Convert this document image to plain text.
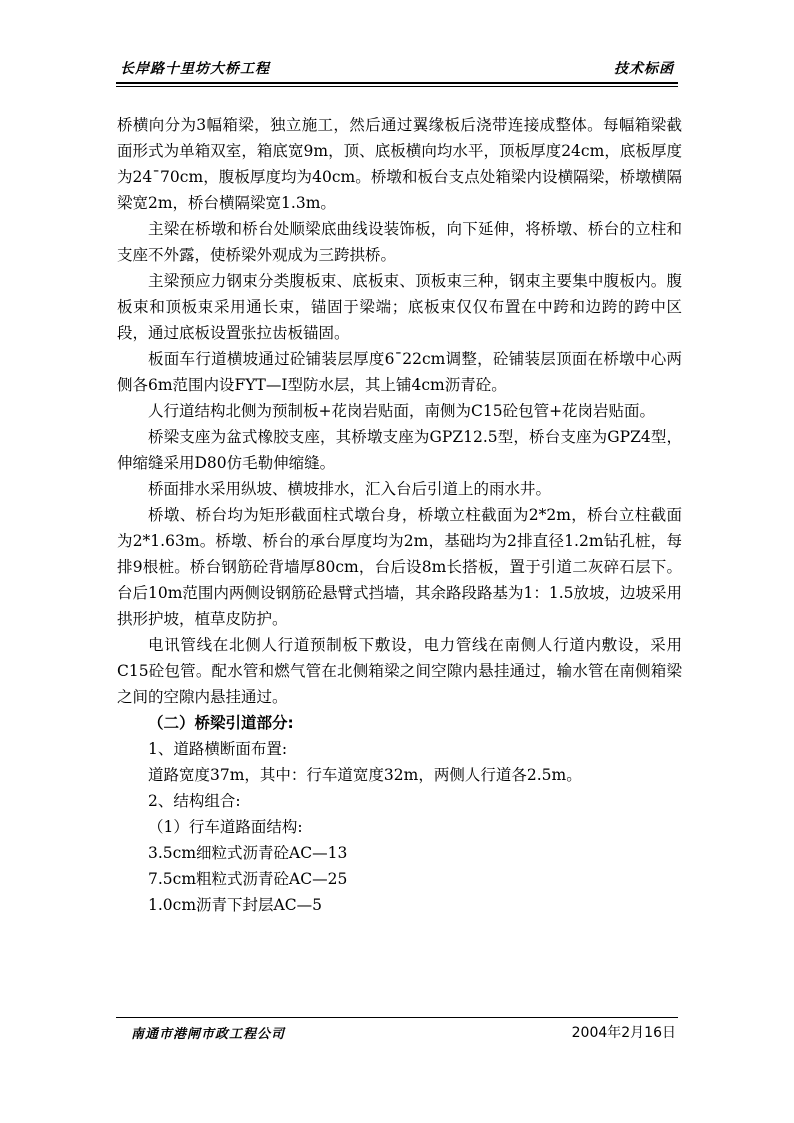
长岸路十里坊大桥工程	技术标函

桥横向分为3幅箱梁，独立施工，然后通过翼缘板后浇带连接成整体。每幅箱梁截面形式为单箱双室，箱底宽9m，顶、底板横向均水平，顶板厚度24cm，底板厚度为24¯70cm，腹板厚度均为40cm。桥墩和板台支点处箱梁内设横隔梁，桥墩横隔梁宽2m，桥台横隔梁宽1.3m。

主梁在桥墩和桥台处顺梁底曲线设装饰板，向下延伸，将桥墩、桥台的立柱和支座不外露，使桥梁外观成为三跨拱桥。

主梁预应力钢束分类腹板束、底板束、顶板束三种，钢束主要集中腹板内。腹板束和顶板束采用通长束，锚固于梁端；底板束仅仅布置在中跨和边跨的跨中区段，通过底板设置张拉齿板锚固。

板面车行道横坡通过砼铺装层厚度6¯22cm调整，砼铺装层顶面在桥墩中心两侧各6m范围内设FYT—I型防水层，其上铺4cm沥青砼。

人行道结构北侧为预制板+花岗岩贴面，南侧为C15砼包管+花岗岩贴面。

桥梁支座为盆式橡胶支座，其桥墩支座为GPZ12.5型，桥台支座为GPZ4型，伸缩缝采用D80仿毛勒伸缩缝。

桥面排水采用纵坡、横坡排水，汇入台后引道上的雨水井。

桥墩、桥台均为矩形截面柱式墩台身，桥墩立柱截面为2*2m，桥台立柱截面为2*1.63m。桥墩、桥台的承台厚度均为2m，基础均为2排直径1.2m钻孔桩，每排9根桩。桥台钢筋砼背墙厚80cm，台后设8m长搭板，置于引道二灰碎石层下。台后10m范围内两侧设钢筋砼悬臂式挡墙，其余路段路基为1：1.5放坡，边坡采用拱形护坡，植草皮防护。

电讯管线在北侧人行道预制板下敷设，电力管线在南侧人行道内敷设，采用C15砼包管。配水管和燃气管在北侧箱梁之间空隙内悬挂通过，输水管在南侧箱梁之间的空隙内悬挂通过。

（二）桥梁引道部分:

1、道路横断面布置:

道路宽度37m，其中：行车道宽度32m，两侧人行道各2.5m。

2、结构组合:

（1）行车道路面结构:

3.5cm细粒式沥青砼AC—13

7.5cm粗粒式沥青砼AC—25

1.0cm沥青下封层AC—5

南通市港闸市政工程公司	2004年2月16日
